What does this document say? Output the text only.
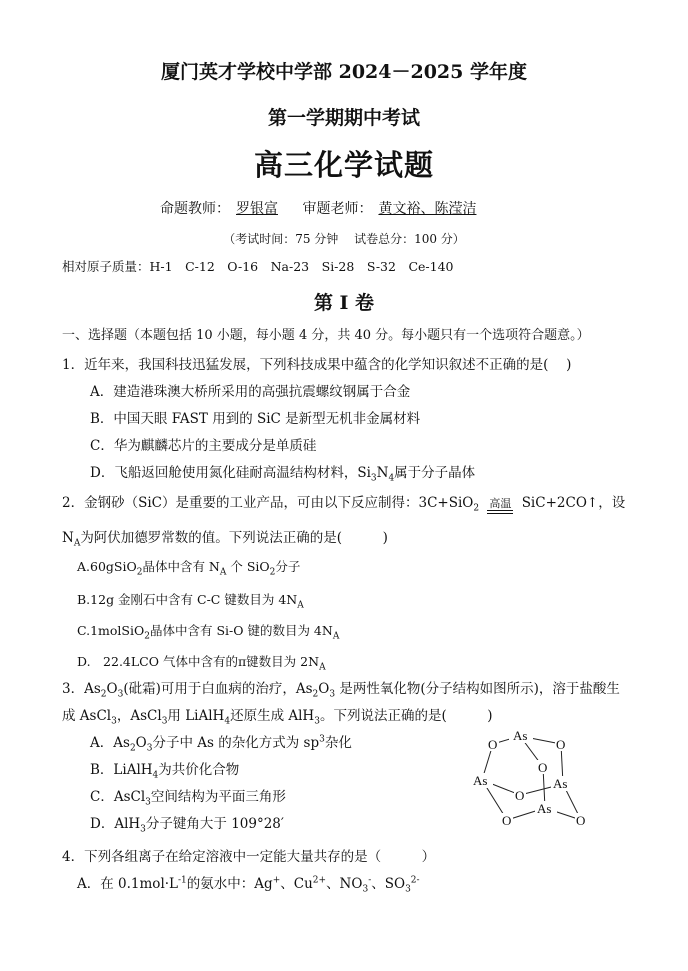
厦门英才学校中学部 2024－2025 学年度
第一学期期中考试
高三化学试题
命题教师： 罗银富　 审题老师： 黄文裕、陈滢洁
（考试时间：75 分钟　 试卷总分：100 分）
相对原子质量：H-1　C-12　O-16　Na-23　Si-28　S-32　Ce-140
第 I 卷
一、选择题（本题包括 10 小题，每小题 4 分，共 40 分。每小题只有一个选项符合题意。）
1．近年来，我国科技迅猛发展，下列科技成果中蕴含的化学知识叙述不正确的是(　 )
A．建造港珠澳大桥所采用的高强抗震螺纹钢属于合金
B．中国天眼 FAST 用到的 SiC 是新型无机非金属材料
C．华为麒麟芯片的主要成分是单质硅
D．飞船返回舱使用氮化硅耐高温结构材料，$Si_3N_4$属于分子晶体
2．金钢砂（SiC）是重要的工业产品，可由以下反应制得：3C+SiO$_2$ 高温 SiC+2CO↑，设
$N_A$为阿伏加德罗常数的值。下列说法正确的是(　　　)
A.60gSiO$_2$晶体中含有 $N_A$ 个 SiO$_2$分子
B.12g 金刚石中含有 C-C 键数目为 $4N_A$
C.1molSiO$_2$晶体中含有 Si-O 键的数目为 $4N_A$
D.　22.4LCO 气体中含有的π键数目为 $2N_A$
3．$As_2O_3$(砒霜)可用于白血病的治疗，$As_2O_3$ 是两性氧化物(分子结构如图所示)，溶于盐酸生
成 AsCl$_3$，AsCl$_3$用 LiAlH$_4$还原生成 AlH$_3$。下列说法正确的是(　　　)
A．$As_2O_3$分子中 As 的杂化方式为 $sp^3$杂化
B．LiAlH$_4$为共价化合物
C．AsCl$_3$空间结构为平面三角形
D．AlH$_3$分子键角大于 109°28′
As
O	O
O
As	As
O
As
O	O
4．下列各组离子在给定溶液中一定能大量共存的是（　　　）
A．在 $0.1mol\cdot L^{-1}$的氨水中：Ag+、$Cu^{2+}$、$NO_3^-$、$SO_3^{2-}$
